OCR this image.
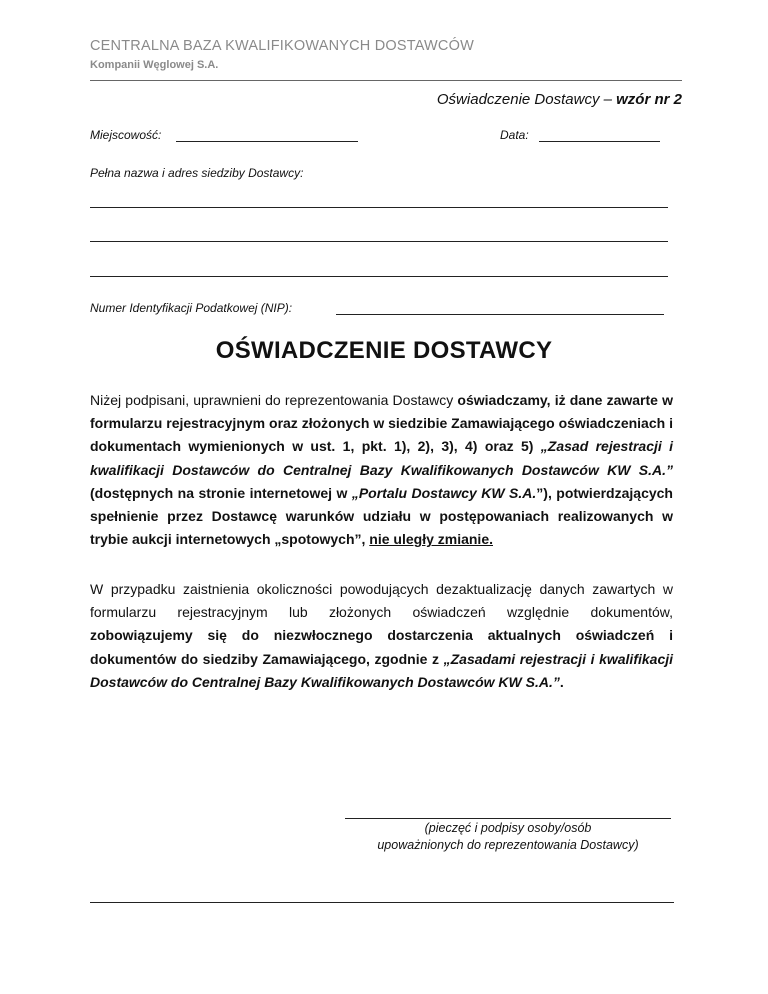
CENTRALNA BAZA KWALIFIKOWANYCH DOSTAWCÓW
Kompanii Węglowej S.A.
Oświadczenie Dostawcy – wzór nr 2
Miejscowość:	Data:
Pełna nazwa i adres siedziby Dostawcy:
Numer Identyfikacji Podatkowej (NIP):
OŚWIADCZENIE DOSTAWCY
Niżej podpisani, uprawnieni do reprezentowania Dostawcy oświadczamy, iż dane zawarte w formularzu rejestracyjnym oraz złożonych w siedzibie Zamawiającego oświadczeniach i dokumentach wymienionych w ust. 1, pkt. 1), 2), 3), 4) oraz 5) „Zasad rejestracji i kwalifikacji Dostawców do Centralnej Bazy Kwalifikowanych Dostawców KW S.A.” (dostępnych na stronie internetowej w „Portalu Dostawcy KW S.A.”), potwierdzających spełnienie przez Dostawcę warunków udziału w postępowaniach realizowanych w trybie aukcji internetowych „spotowych”, nie uległy zmianie.
W przypadku zaistnienia okoliczności powodujących dezaktualizację danych zawartych w formularzu rejestracyjnym lub złożonych oświadczeń względnie dokumentów, zobowiązujemy się do niezwłocznego dostarczenia aktualnych oświadczeń i dokumentów do siedziby Zamawiającego, zgodnie z „Zasadami rejestracji i kwalifikacji Dostawców do Centralnej Bazy Kwalifikowanych Dostawców KW S.A.”.
(pieczęć i podpisy osoby/osób
upoważnionych do reprezentowania Dostawcy)
